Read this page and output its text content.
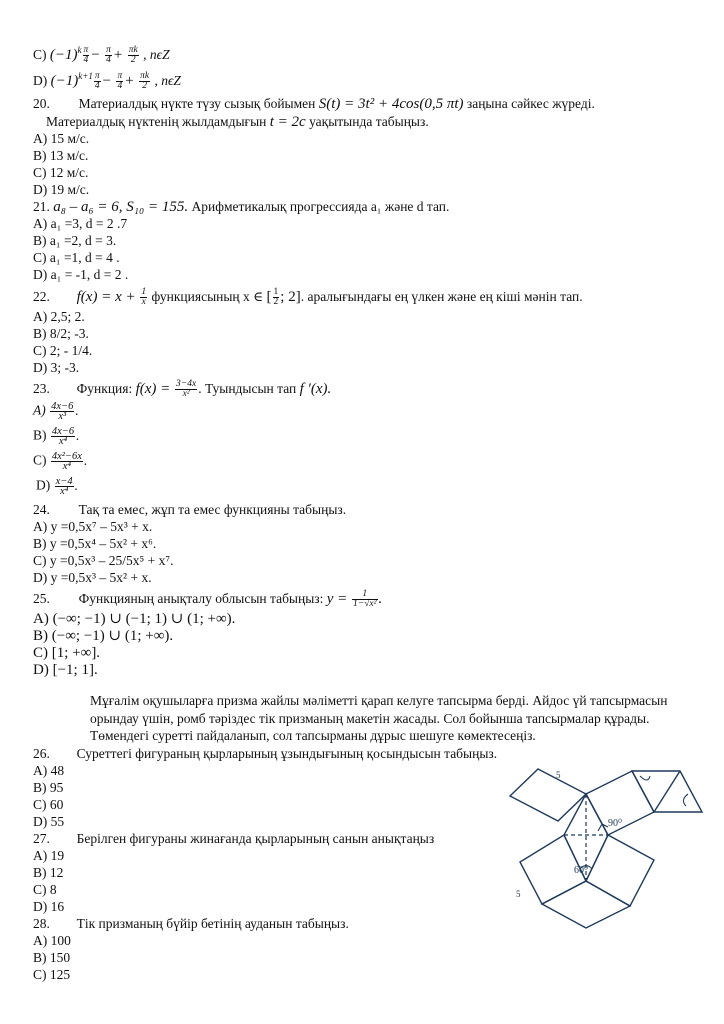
C) $(-1)^k \frac{\pi}{4} - \frac{\pi}{4} + \frac{\pi k}{2}$ , nϵZ
D) $(-1)^{k+1} \frac{\pi}{4} - \frac{\pi}{4} + \frac{\pi k}{2}$ , nϵZ
20. Материалдық нүкте түзу сызық бойымен S(t) = 3t² + 4cos(0,5 πt) заңына сәйкес жүреді.
Материалдық нүктенің жылдамдығын t = 2c уақытында табыңыз.
A) 15 м/с.
B) 13 м/с.
C) 12 м/с.
D) 19 м/с.
21. a₈ – a₆ = 6, S₁₀ = 155. Арифметикалық прогрессияда a₁ және d тап.
A) a₁ =3, d = 2 .7
B) a₁ =2, d = 3.
C) a₁ =1, d = 4 .
D) a₁ = -1, d = 2 .
22. $f(x) = x + \frac{1}{x}$ функциясының x ∈ [ $\frac{1}{2}$ ; 2]. аралығындағы ең үлкен және ең кіші мәнін тап.
A) 2,5; 2.
B) 8/2; -3.
C) 2; - 1/4.
D) 3; -3.
23. Функция: $f(x) = \frac{3-4x}{\text{x²}}$ . Туындысын тап f ′(x).
$A) \frac{4x-6}{\text{x³}}$ .
$B) \frac{4x-6}{\text{x⁴}}$ .
$C) \frac{\text{4x²−6x}}{\text{x⁴}}$ .
$D) \frac{x-4}{\text{x⁴}}$ .
24. Тақ та емес, жұп та емес функцияны табыңыз.
A) y =0,5x⁷ – 5x³ + x.
B) y =0,5x⁴ – 5x² + x⁶.
C) y =0,5x³ – 25/5x⁵ + x⁷.
D) y =0,5x³ – 5x² + x.
25. Функцияның анықталу облысын табыңыз: $y = \frac{1}{\text{1−√x²}}$ .
A) (−∞; −1) ∪ (−1; 1) ∪ (1; +∞).
B) (−∞; −1) ∪ (1; +∞).
C) [1; +∞].
D) [−1; 1].

Мұғалім оқушыларға призма жайлы мәліметті қарап келуге тапсырма берді. Айдос үй тапсырмасын орындау үшін, ромб тәріздес тік призманың макетін жасады. Сол бойынша тапсырмалар құрады. Төмендегі суретті пайдаланып, сол тапсырманы дұрыс шешуге көмектесеңіз.

26. Суреттегі фигураның қырларының ұзындығының қосындысын табыңыз.
A) 48
B) 95
C) 60
D) 55
27. Берілген фигураны жинағанда қырларының санын анықтаңыз
A) 19
B) 12
C) 8
D) 16
28. Тік призманың бүйір бетінің ауданын табыңыз.
A) 100
B) 150
C) 125
5
5
90⁰
60⁰
